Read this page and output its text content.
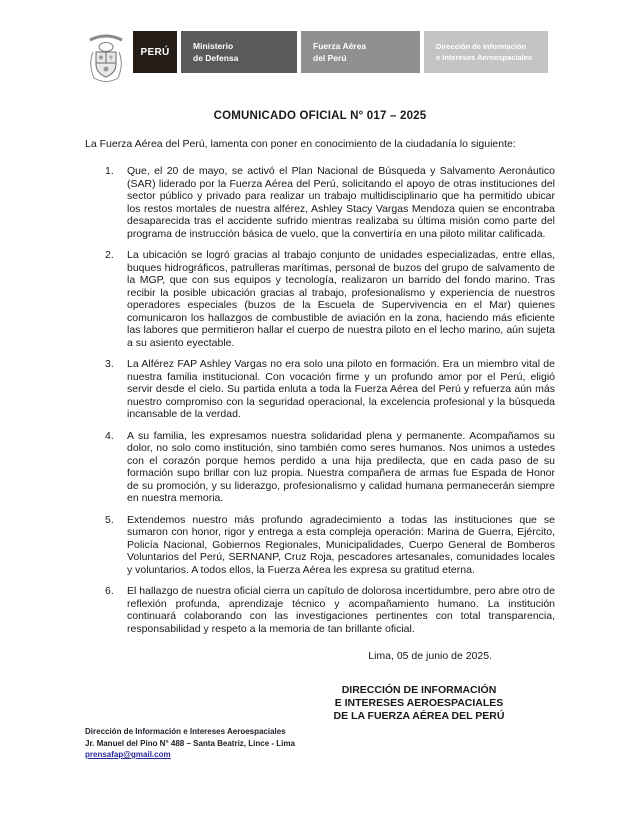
PERÚ
Ministerio
de Defensa
Fuerza Aérea
del Perú
Dirección de Información
e Intereses Aeroespaciales
COMUNICADO OFICIAL N° 017 – 2025
La Fuerza Aérea del Perú, lamenta con poner en conocimiento de la ciudadanía lo siguiente:
1.	Que, el 20 de mayo, se activó el Plan Nacional de Búsqueda y Salvamento Aeronáutico (SAR) liderado por la Fuerza Aérea del Perú, solicitando el apoyo de otras instituciones del sector público y privado para realizar un trabajo multidisciplinario que ha permitido ubicar los restos mortales de nuestra alférez, Ashley Stacy Vargas Mendoza quien se encontraba desaparecida tras el accidente sufrido mientras realizaba su última misión como parte del programa de instrucción básica de vuelo, que la convertiría en una piloto militar calificada.
2.	La ubicación se logró gracias al trabajo conjunto de unidades especializadas, entre ellas, buques hidrográficos, patrulleras marítimas, personal de buzos del grupo de salvamento de la MGP, que con sus equipos y tecnología, realizaron un barrido del fondo marino. Tras recibir la posible ubicación gracias al trabajo, profesionalismo y experiencia de nuestros operadores especiales (buzos de la Escuela de Supervivencia en el Mar) quienes comunicaron los hallazgos de combustible de aviación en la zona, haciendo más eficiente las labores que permitieron hallar el cuerpo de nuestra piloto en el lecho marino, aún sujeta a su asiento eyectable.
3.	La Alférez FAP Ashley Vargas no era solo una piloto en formación. Era un miembro vital de nuestra familia institucional. Con vocación firme y un profundo amor por el Perú, eligió servir desde el cielo. Su partida enluta a toda la Fuerza Aérea del Perú y refuerza aún más nuestro compromiso con la seguridad operacional, la excelencia profesional y la búsqueda incansable de la verdad.
4.	A su familia, les expresamos nuestra solidaridad plena y permanente. Acompañamos su dolor, no solo como institución, sino también como seres humanos. Nos unimos a ustedes con el corazón porque hemos perdido a una hija predilecta, que en cada paso de su formación supo brillar con luz propia. Nuestra compañera de armas fue Espada de Honor de su promoción, y su liderazgo, profesionalismo y calidad humana permanecerán siempre en nuestra memoria.
5.	Extendemos nuestro más profundo agradecimiento a todas las instituciones que se sumaron con honor, rigor y entrega a esta compleja operación: Marina de Guerra, Ejército, Policía Nacional, Gobiernos Regionales, Municipalidades, Cuerpo General de Bomberos Voluntarios del Perú, SERNANP, Cruz Roja, pescadores artesanales, comunidades locales y voluntarios. A todos ellos, la Fuerza Aérea les expresa su gratitud eterna.
6.	El hallazgo de nuestra oficial cierra un capítulo de dolorosa incertidumbre, pero abre otro de reflexión profunda, aprendizaje técnico y acompañamiento humano. La institución continuará colaborando con las investigaciones pertinentes con total transparencia, responsabilidad y respeto a la memoria de tan brillante oficial.
Lima, 05 de junio de 2025.
DIRECCIÓN DE INFORMACIÓN
E INTERESES AEROESPACIALES
DE LA FUERZA AÉREA DEL PERÚ
Dirección de Información e Intereses Aeroespaciales
Jr. Manuel del Pino N° 488 – Santa Beatriz, Lince - Lima
prensafap@gmail.com
